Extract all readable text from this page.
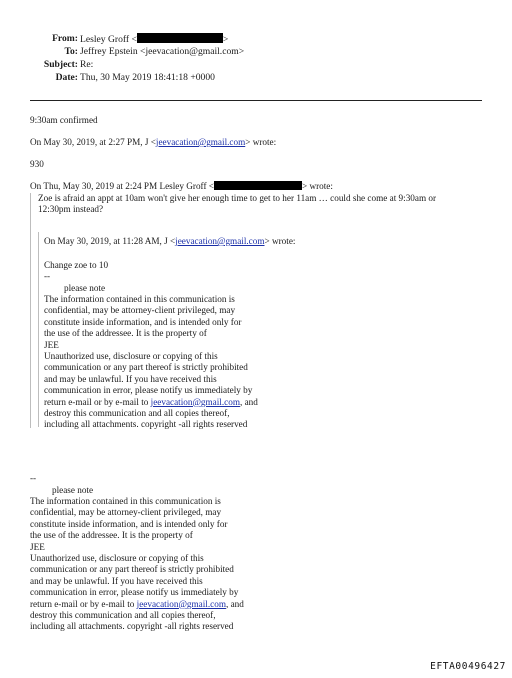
From: Lesley Groff <	>
To: Jeffrey Epstein <jeevacation@gmail.com>
Subject: Re:
Date: Thu, 30 May 2019 18:41:18 +0000
9:30am confirmed
On May 30, 2019, at 2:27 PM, J <jeevacation@gmail.com> wrote:
930
On Thu, May 30, 2019 at 2:24 PM Lesley Groff <	> wrote:
Zoe is afraid an appt at 10am won't give her enough time to get to her 11am … could she come at 9:30am or
12:30pm instead?
On May 30, 2019, at 11:28 AM, J <jeevacation@gmail.com> wrote:
Change zoe to 10
--
please note
The information contained in this communication is
confidential, may be attorney-client privileged, may
constitute inside information, and is intended only for
the use of the addressee. It is the property of
JEE
Unauthorized use, disclosure or copying of this
communication or any part thereof is strictly prohibited
and may be unlawful. If you have received this
communication in error, please notify us immediately by
return e-mail or by e-mail to jeevacation@gmail.com, and
destroy this communication and all copies thereof,
including all attachments. copyright -all rights reserved
--
please note
The information contained in this communication is
confidential, may be attorney-client privileged, may
constitute inside information, and is intended only for
the use of the addressee. It is the property of
JEE
Unauthorized use, disclosure or copying of this
communication or any part thereof is strictly prohibited
and may be unlawful. If you have received this
communication in error, please notify us immediately by
return e-mail or by e-mail to jeevacation@gmail.com, and
destroy this communication and all copies thereof,
including all attachments. copyright -all rights reserved
EFTA00496427
